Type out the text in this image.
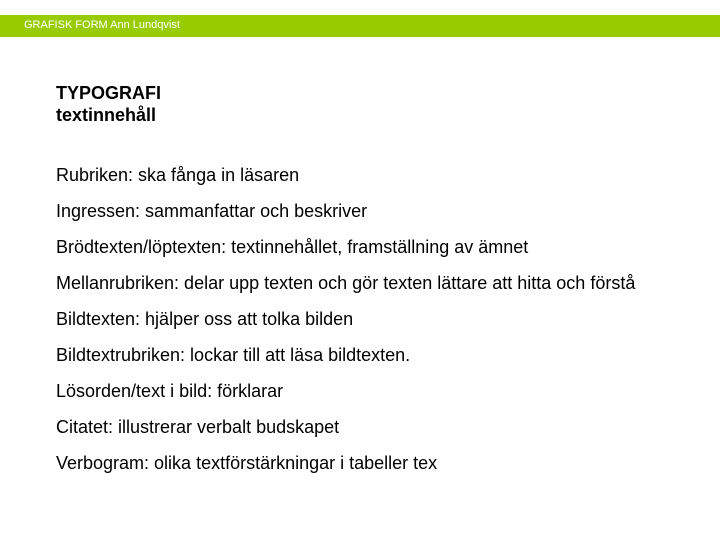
GRAFISK FORM Ann Lundqvist
TYPOGRAFI
textinnehåll
Rubriken: ska fånga in läsaren
Ingressen: sammanfattar och beskriver
Brödtexten/löptexten: textinnehållet, framställning av ämnet
Mellanrubriken: delar upp texten och gör texten lättare att hitta och förstå
Bildtexten: hjälper oss att tolka bilden
Bildtextrubriken: lockar till att läsa bildtexten.
Lösorden/text i bild: förklarar
Citatet: illustrerar verbalt budskapet
Verbogram: olika textförstärkningar i tabeller tex
